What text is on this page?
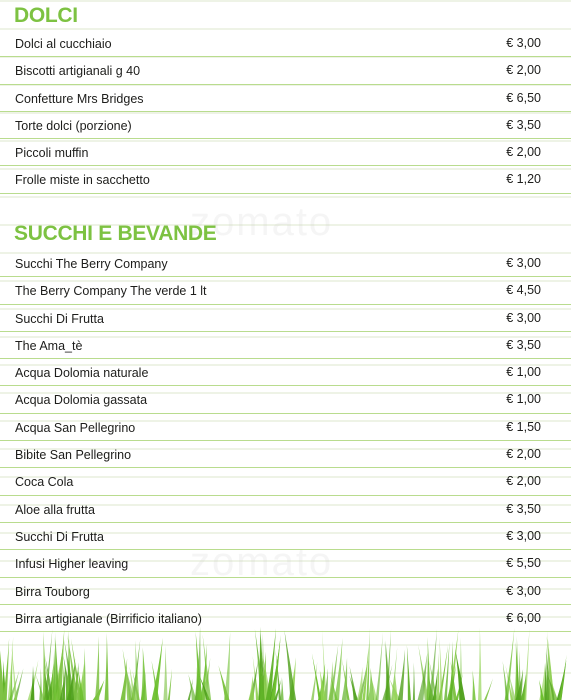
zomato
zomato
DOLCI
Dolci al cucchiaio	€ 3,00
Biscotti artigianali g 40	€ 2,00
Confetture Mrs Bridges	€ 6,50
Torte dolci (porzione)	€ 3,50
Piccoli muffin	€ 2,00
Frolle miste in sacchetto	€ 1,20
SUCCHI E BEVANDE
Succhi The Berry Company	€ 3,00
The Berry Company The verde 1 lt	€ 4,50
Succhi Di Frutta	€ 3,00
The Ama_tè	€ 3,50
Acqua Dolomia naturale	€ 1,00
Acqua Dolomia gassata	€ 1,00
Acqua San Pellegrino	€ 1,50
Bibite San Pellegrino	€ 2,00
Coca Cola	€ 2,00
Aloe alla frutta	€ 3,50
Succhi Di Frutta	€ 3,00
Infusi Higher leaving	€ 5,50
Birra Touborg	€ 3,00
Birra artigianale (Birrificio italiano)	€ 6,00
